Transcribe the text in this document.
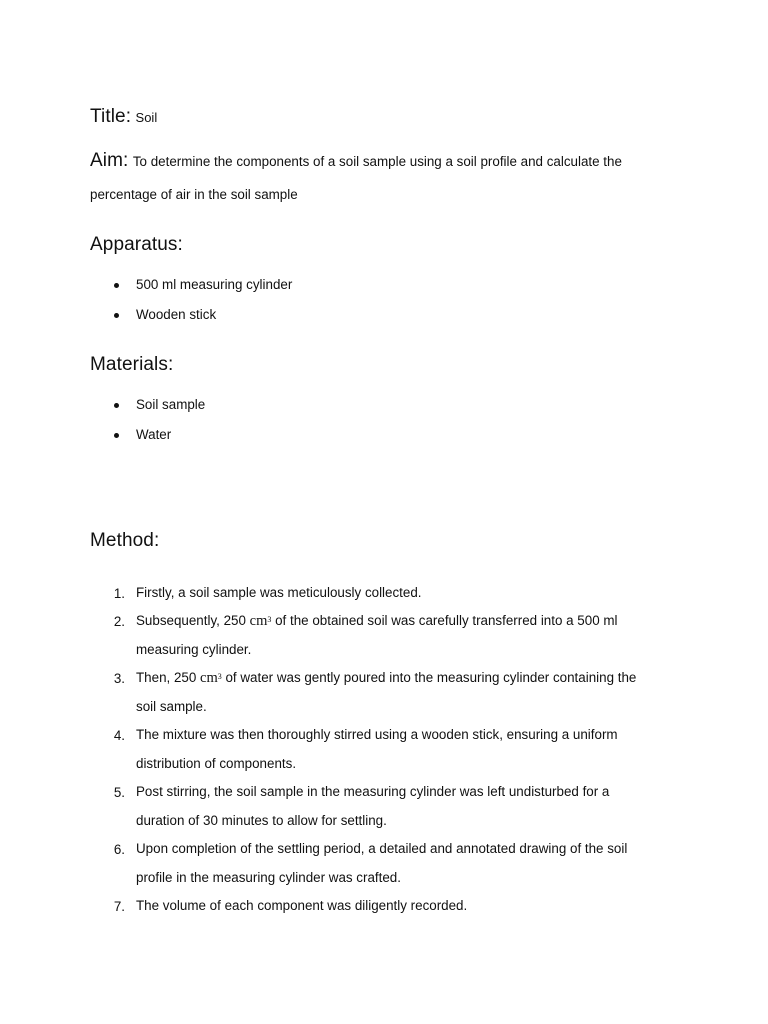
Title: Soil
Aim: To determine the components of a soil sample using a soil profile and calculate the
percentage of air in the soil sample
Apparatus:
500 ml measuring cylinder
Wooden stick
Materials:
Soil sample
Water
Method:
1. Firstly, a soil sample was meticulously collected.
2. Subsequently, 250 $cm^3$ of the obtained soil was carefully transferred into a 500 ml
measuring cylinder.
3. Then, 250 $cm^3$ of water was gently poured into the measuring cylinder containing the
soil sample.
4. The mixture was then thoroughly stirred using a wooden stick, ensuring a uniform
distribution of components.
5. Post stirring, the soil sample in the measuring cylinder was left undisturbed for a
duration of 30 minutes to allow for settling.
6. Upon completion of the settling period, a detailed and annotated drawing of the soil
profile in the measuring cylinder was crafted.
7. The volume of each component was diligently recorded.
